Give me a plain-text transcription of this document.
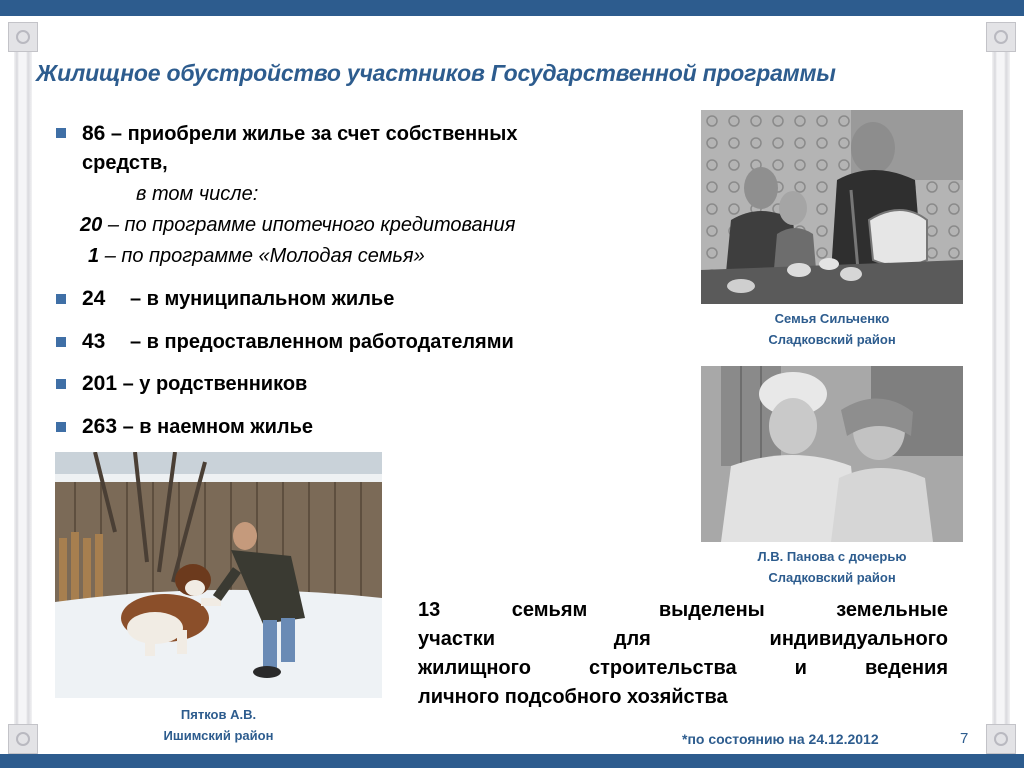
Жилищное обустройство участников Государственной программы
86 – приобрели жилье за счет собственных
средств,
в том числе:
20 – по программе ипотечного кредитования
1 – по программе «Молодая семья»
24 – в муниципальном жилье
43 – в предоставленном работодателями
201 – у родственников
263 – в наемном жилье
Семья Сильченко
Сладковский район
Л.В. Панова с дочерью
Сладковский район
Пятков А.В.
Ишимский район
13	семьям выделены земельные
участки для индивидуального
жилищного строительства и ведения
личного подсобного хозяйства
*по состоянию на 24.12.2012	7
